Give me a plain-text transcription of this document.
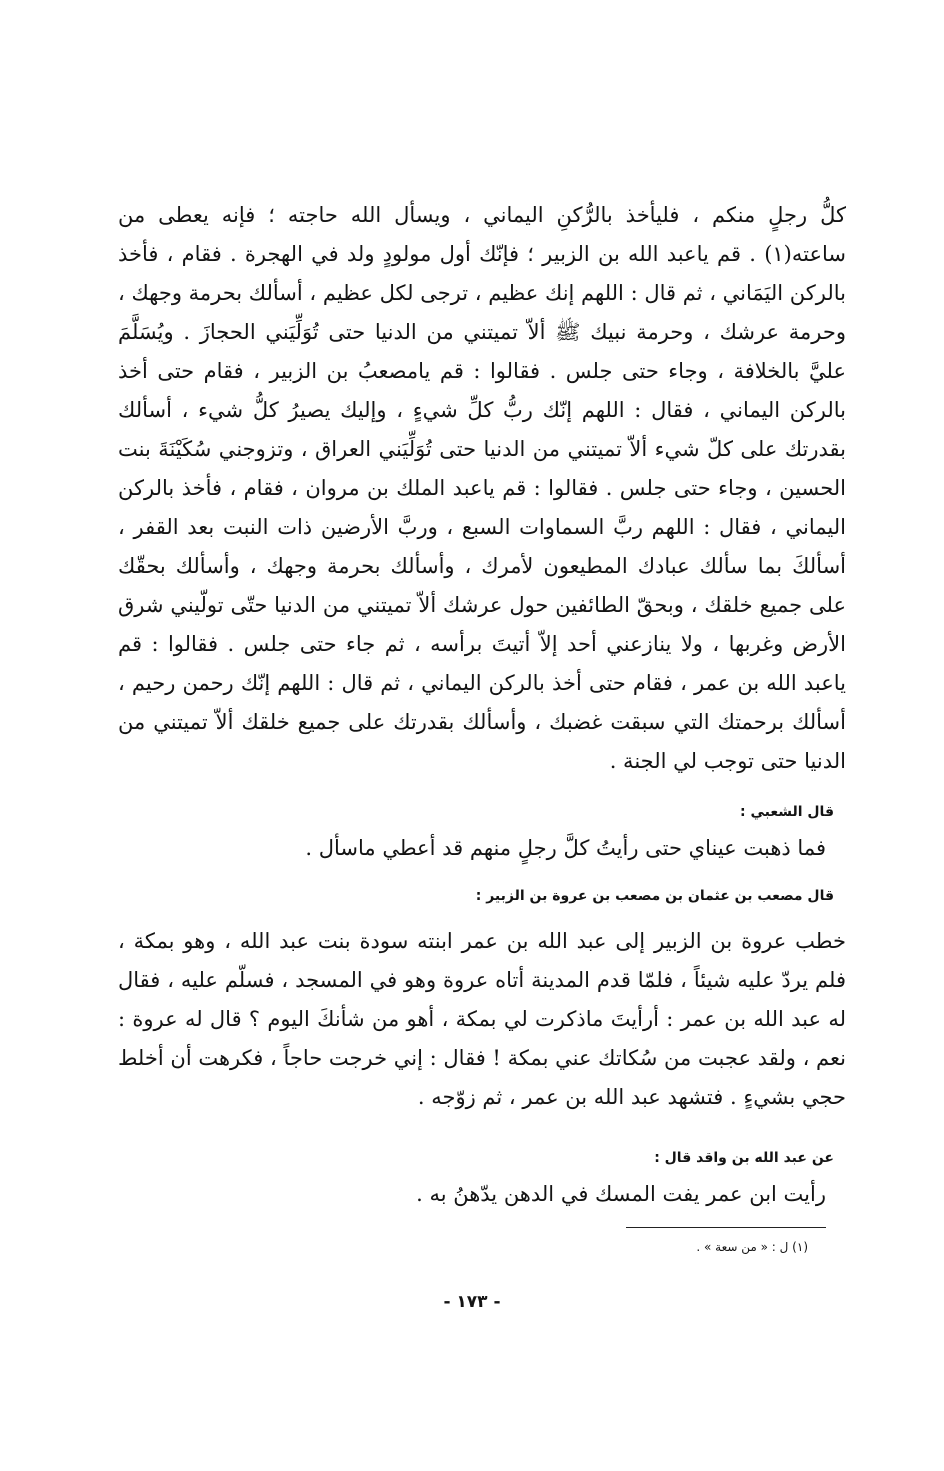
كلُّ رجلٍ منكم ، فليأخذ بالرُّكنِ اليماني ، ويسأل الله حاجته ؛ فإنه يعطى من ساعته(١) . قم ياعبد الله بن الزبير ؛ فإنّك أول مولودٍ ولد في الهجرة . فقام ، فأخذ بالركن اليَمَاني ، ثم قال : اللهم إنك عظيم ، ترجى لكل عظيم ، أسألك بحرمة وجهك ، وحرمة عرشك ، وحرمة نبيك ﷺ ألاّ تميتني من الدنيا حتى تُوَلِّيَني الحجازَ . ويُسَلَّمَ عليَّ بالخلافة ، وجاء حتى جلس . فقالوا : قم يامصعبُ بن الزبير ، فقام حتى أخذ بالركن اليماني ، فقال : اللهم إنّك ربُّ كلِّ شيءٍ ، وإليك يصيرُ كلُّ شيء ، أسألك بقدرتك على كلّ شيء ألاّ تميتني من الدنيا حتى تُوَلِّيَني العراق ، وتزوجني سُكَيْنَةَ بنت الحسين ، وجاء حتى جلس . فقالوا : قم ياعبد الملك بن مروان ، فقام ، فأخذ بالركن اليماني ، فقال : اللهم ربَّ السماوات السبع ، وربَّ الأرضين ذات النبت بعد القفر ، أسألكَ بما سألك عبادك المطيعون لأمرك ، وأسألك بحرمة وجهك ، وأسألك بحقّك على جميع خلقك ، وبحقّ الطائفين حول عرشك ألاّ تميتني من الدنيا حتّى تولّيني شرق الأرض وغربها ، ولا ينازعني أحد إلاّ أتيتَ برأسه ، ثم جاء حتى جلس . فقالوا : قم ياعبد الله بن عمر ، فقام حتى أخذ بالركن اليماني ، ثم قال : اللهم إنّك رحمن رحيم ، أسألك برحمتك التي سبقت غضبك ، وأسألك بقدرتك على جميع خلقك ألاّ تميتني من الدنيا حتى توجب لي الجنة .

قال الشعبي :

فما ذهبت عيناي حتى رأيتُ كلَّ رجلٍ منهم قد أعطي ماسأل .

قال مصعب بن عثمان بن مصعب بن عروة بن الزبير :

خطب عروة بن الزبير إلى عبد الله بن عمر ابنته سودة بنت عبد الله ، وهو بمكة ، فلم يردّ عليه شيئاً ، فلمّا قدم المدينة أتاه عروة وهو في المسجد ، فسلّم عليه ، فقال له عبد الله بن عمر : أرأيتَ ماذكرت لي بمكة ، أهو من شأنكَ اليوم ؟ قال له عروة : نعم ، ولقد عجبت من سُكاتك عني بمكة ! فقال : إني خرجت حاجاً ، فكرهت أن أخلط حجي بشيءٍ . فتشهد عبد الله بن عمر ، ثم زوّجه .

عن عبد الله بن واقد قال :

رأيت ابن عمر يفت المسك في الدهن يدّهنُ به .

(١) ل : « من سعة » .
- ١٧٣ -
